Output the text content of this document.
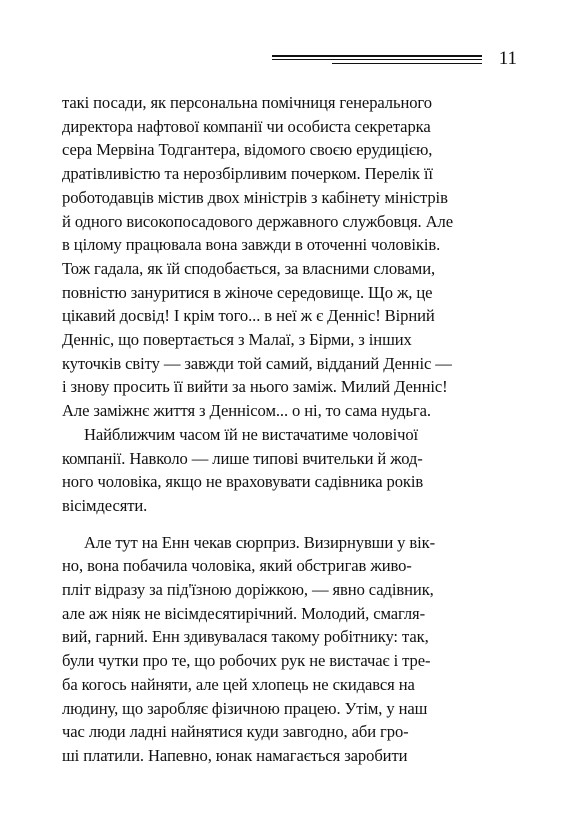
11
такі посади, як персональна помічниця генерального
директора нафтової компанії чи особиста секретарка
сера Мервіна Тодгантера, відомого своєю ерудицією,
дратівливістю та нерозбірливим почерком. Перелік її
роботодавців містив двох міністрів з кабінету міністрів
й одного високопосадового державного службовця. Але
в цілому працювала вона завжди в оточенні чоловіків.
Тож гадала, як їй сподобається, за власними словами,
повністю зануритися в жіноче середовище. Що ж, це
цікавий досвід! І крім того... в неї ж є Денніс! Вірний
Денніс, що повертається з Малаї, з Бірми, з інших
куточків світу — завжди той самий, відданий Денніс —
і знову просить її вийти за нього заміж. Милий Денніс!
Але заміжнє життя з Деннісом... о ні, то сама нудьга.
Найближчим часом їй не вистачатиме чоловічої
компанії. Навколо — лише типові вчительки й жод-
ного чоловіка, якщо не враховувати садівника років
вісімдесяти.
Але тут на Енн чекав сюрприз. Визирнувши у вік-
но, вона побачила чоловіка, який обстригав живо-
пліт відразу за під'їзною доріжкою, — явно садівник,
але аж ніяк не вісімдесятирічний. Молодий, смагля-
вий, гарний. Енн здивувалася такому робітнику: так,
були чутки про те, що робочих рук не вистачає і тре-
ба когось найняти, але цей хлопець не скидався на
людину, що заробляє фізичною працею. Утім, у наш
час люди ладні найнятися куди завгодно, аби гро-
ші платили. Напевно, юнак намагається заробити
